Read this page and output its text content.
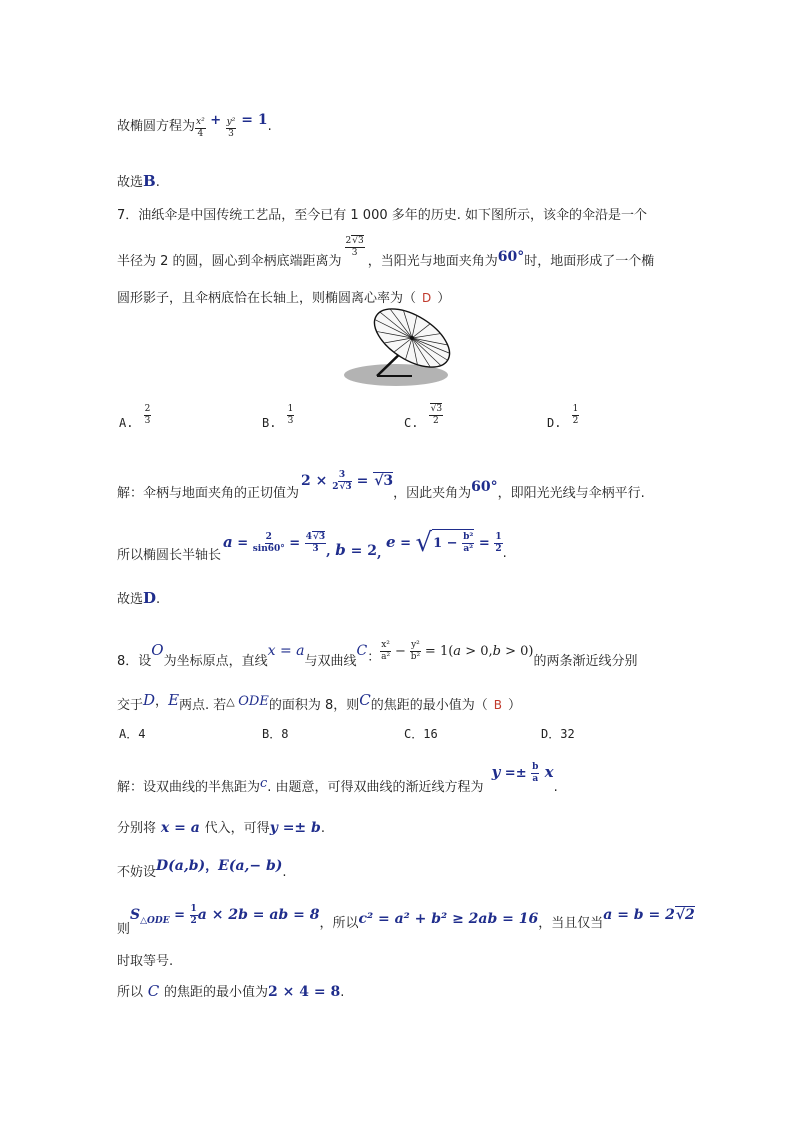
故椭圆方程为 $\frac{\text{x²}}{4} + \frac{\text{y²}}{3} = 1$.
故选B.
7．油纸伞是中国传统工艺品，至今已有 1 000 多年的历史. 如下图所示，该伞的伞沿是一个
半径为 2 的圆，圆心到伞柄底端距离为
$\frac{2√3}{3}$
，当阳光与地面夹角为60°时，地面形成了一个椭
圆形影子，且伞柄底恰在长轴上，则椭圆离心率为（ D ）
A. $\frac{2}{3}$	B. $\frac{1}{3}$	C. $\frac{√3}{2}$	D. $\frac{1}{2}$
解：伞柄与地面夹角的正切值为$2 \times \frac{3}{2√3} = √3$，因此夹角为60°，即阳光光线与伞柄平行.
所以椭圆长半轴长$a = \frac{2}{\sin 60^\circ} = \frac{4√3}{3}$ , b = 2, $e = √1 - \frac{\text{b²}}{\text{a²}} = \frac{1}{2}$ .
故选D.
8．设O为坐标原点，直线x = a与双曲线C： $\frac{\text{x²}}{\text{a²}} - \frac{\text{y²}}{\text{b²}} = 1(a > 0,b > 0)$的两条渐近线分别
交于D，E两点. 若△ ODE的面积为 8，则C的焦距的最小值为（ B ）
A．4	B．8	C．16	D．32
解：设双曲线的半焦距为c. 由题意，可得双曲线的渐近线方程为$y =\pm \frac{b}{a} x$.
分别将 x = a 代入，可得y =± b.
不妨设D(a,b)，E(a,− b).
则$S_{\triangle ODE} = \frac{1}{2}$ a × 2b = ab = 8，所以c² = a² + b² ≥ 2ab = 16，当且仅当a = b = 2√2
时取等号.
所以 C 的焦距的最小值为2 × 4 = 8.
